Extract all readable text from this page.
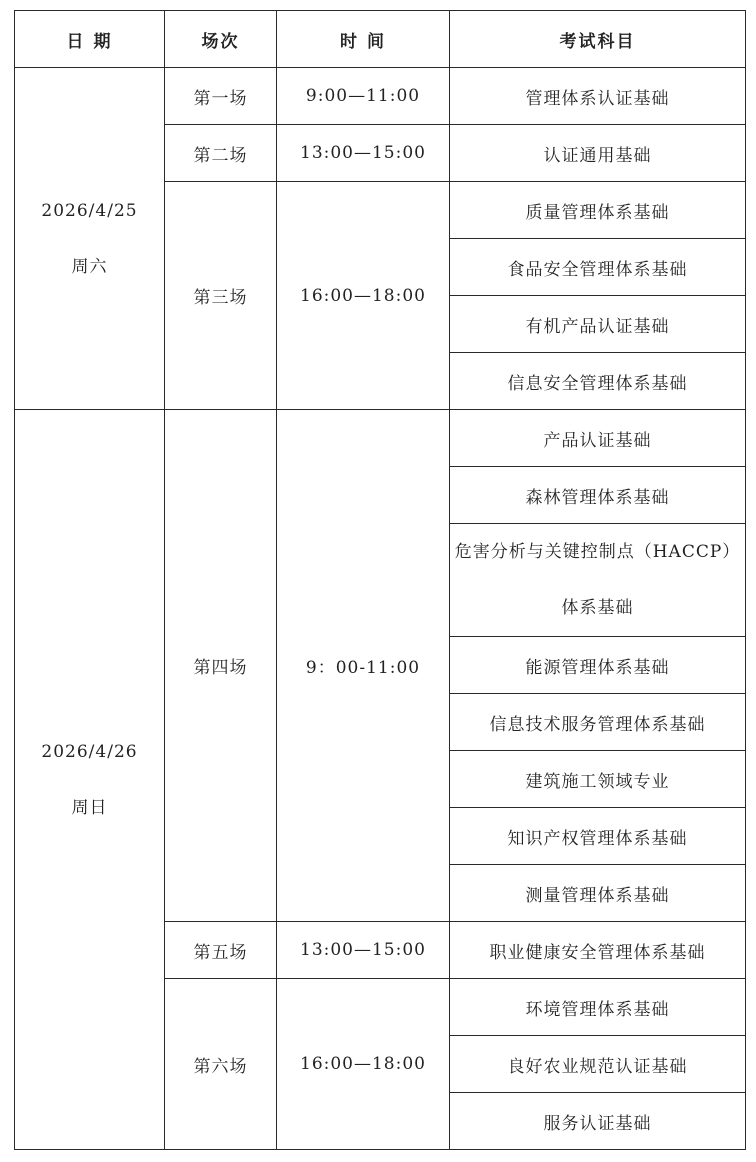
日 期	场次	时 间	考试科目

2026/4/25
周六	第一场	9:00—11:00	管理体系认证基础
	第二场	13:00—15:00	认证通用基础
	第三场	16:00—18:00	质量管理体系基础
			食品安全管理体系基础
			有机产品认证基础
			信息安全管理体系基础

2026/4/26
周日	第四场	9：00-11:00	产品认证基础
			森林管理体系基础

			危害分析与关键控制点（HACCP）
体系基础

			能源管理体系基础
			信息技术服务管理体系基础
			建筑施工领域专业
			知识产权管理体系基础
			测量管理体系基础
	第五场	13:00—15:00	职业健康安全管理体系基础
	第六场	16:00—18:00	环境管理体系基础
			良好农业规范认证基础
			服务认证基础
